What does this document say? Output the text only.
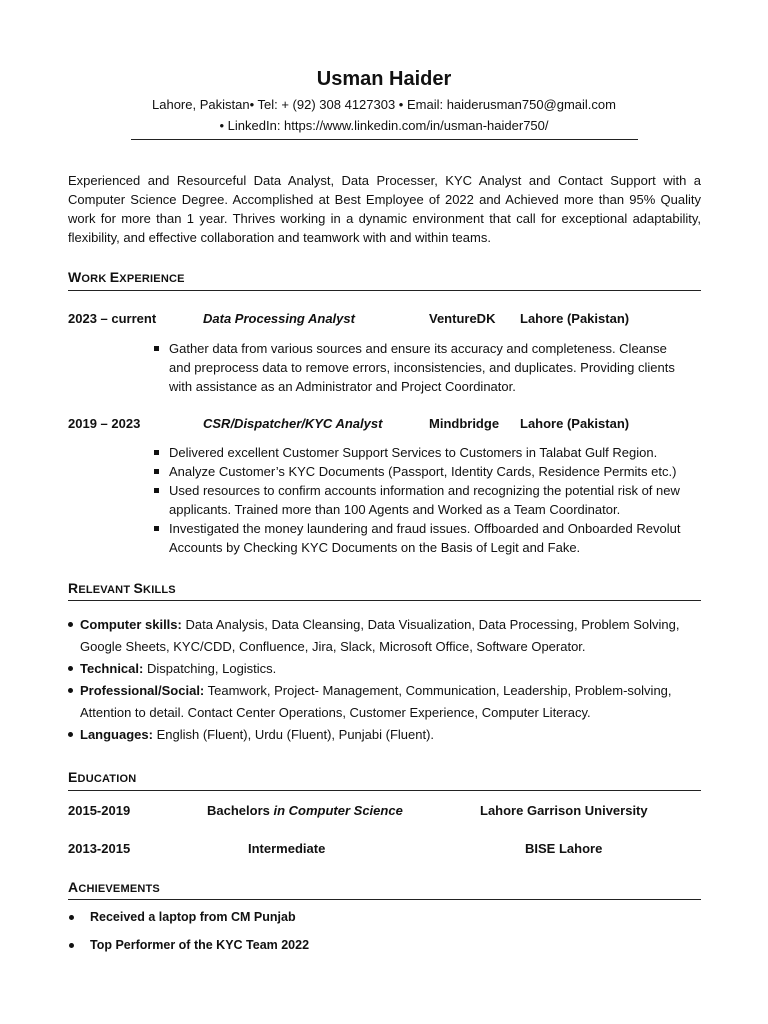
Usman Haider
Lahore, Pakistan• Tel: + (92) 308 4127303 • Email: haiderusman750@gmail.com
• LinkedIn: https://www.linkedin.com/in/usman-haider750/
Experienced and Resourceful Data Analyst, Data Processer, KYC Analyst and Contact Support with a Computer Science Degree. Accomplished at Best Employee of 2022 and Achieved more than 95% Quality work for more than 1 year. Thrives working in a dynamic environment that call for exceptional adaptability, flexibility, and effective collaboration and teamwork with and within teams.
WORK EXPERIENCE
2023 – current	Data Processing Analyst	VentureDK Lahore (Pakistan)
Gather data from various sources and ensure its accuracy and completeness. Cleanse and preprocess data to remove errors, inconsistencies, and duplicates. Providing clients with assistance as an Administrator and Project Coordinator.
2019 – 2023	CSR/Dispatcher/KYC Analyst	Mindbridge Lahore (Pakistan)
Delivered excellent Customer Support Services to Customers in Talabat Gulf Region.
Analyze Customer’s KYC Documents (Passport, Identity Cards, Residence Permits etc.)
Used resources to confirm accounts information and recognizing the potential risk of new applicants. Trained more than 100 Agents and Worked as a Team Coordinator.
Investigated the money laundering and fraud issues. Offboarded and Onboarded Revolut Accounts by Checking KYC Documents on the Basis of Legit and Fake.
RELEVANT SKILLS
Computer skills: Data Analysis, Data Cleansing, Data Visualization, Data Processing, Problem Solving, Google Sheets, KYC/CDD, Confluence, Jira, Slack, Microsoft Office, Software Operator.
Technical: Dispatching, Logistics.
Professional/Social: Teamwork, Project- Management, Communication, Leadership, Problem-solving, Attention to detail. Contact Center Operations, Customer Experience, Computer Literacy.
Languages: English (Fluent), Urdu (Fluent), Punjabi (Fluent).
EDUCATION
2015-2019	Bachelors in Computer Science	Lahore Garrison University
2013-2015	Intermediate	BISE Lahore
ACHIEVEMENTS
Received a laptop from CM Punjab
Top Performer of the KYC Team 2022
